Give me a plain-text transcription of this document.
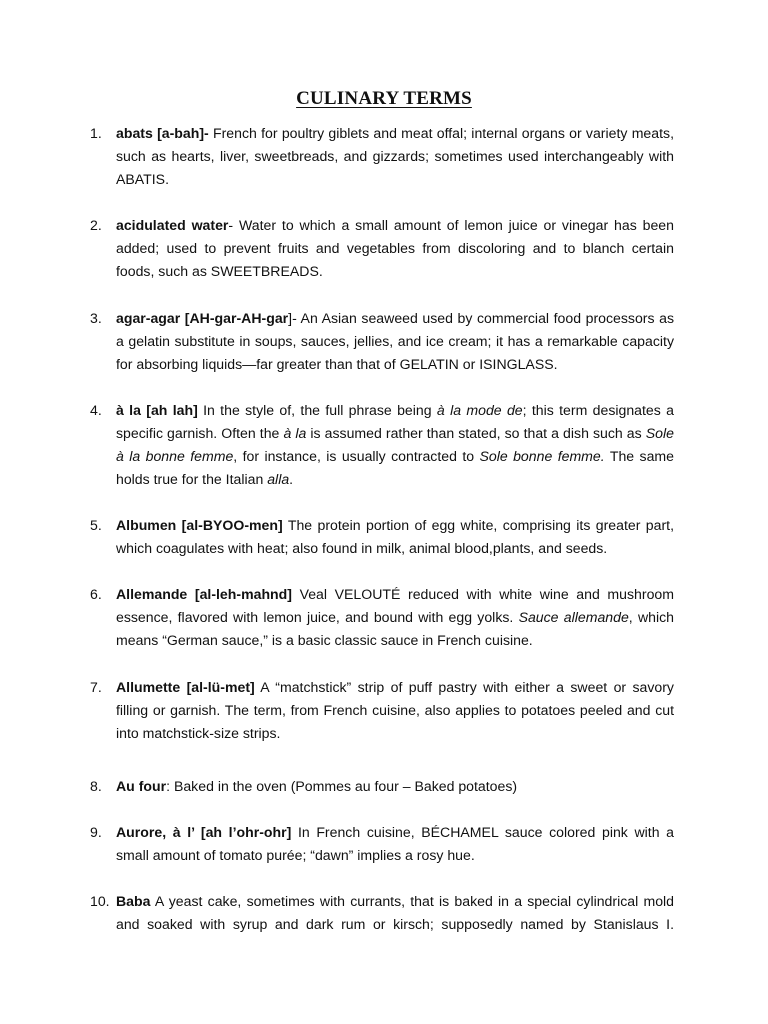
CULINARY TERMS
1.	abats [a-bah]- French for poultry giblets and meat offal; internal organs or variety meats, such as hearts, liver, sweetbreads, and gizzards; sometimes used interchangeably with ABATIS.
2.	acidulated water- Water to which a small amount of lemon juice or vinegar has been added; used to prevent fruits and vegetables from discoloring and to blanch certain foods, such as SWEETBREADS.
3.	agar-agar [AH-gar-AH-gar]- An Asian seaweed used by commercial food processors as a gelatin substitute in soups, sauces, jellies, and ice cream; it has a remarkable capacity for absorbing liquids—far greater than that of GELATIN or ISINGLASS.
4.	à la [ah lah] In the style of, the full phrase being à la mode de; this term designates a specific garnish. Often the à la is assumed rather than stated, so that a dish such as Sole à la bonne femme, for instance, is usually contracted to Sole bonne femme. The same holds true for the Italian alla.
5.	Albumen [al-BYOO-men] The protein portion of egg white, comprising its greater part, which coagulates with heat; also found in milk, animal blood,plants, and seeds.
6.	Allemande [al-leh-mahnd] Veal VELOUTÉ reduced with white wine and mushroom essence, flavored with lemon juice, and bound with egg yolks. Sauce allemande, which means “German sauce,” is a basic classic sauce in French cuisine.
7.	Allumette [al-lü-met] A “matchstick” strip of puff pastry with either a sweet or savory filling or garnish. The term, from French cuisine, also applies to potatoes peeled and cut into matchstick-size strips.
8.	Au four: Baked in the oven (Pommes au four – Baked potatoes)
9.	Aurore, à l’ [ah l’ohr-ohr] In French cuisine, BÉCHAMEL sauce colored pink with a small amount of tomato purée; “dawn” implies a rosy hue.
10. Baba A yeast cake, sometimes with currants, that is baked in a special cylindrical mold and soaked with syrup and dark rum or kirsch; supposedly named by Stanislaus I.
